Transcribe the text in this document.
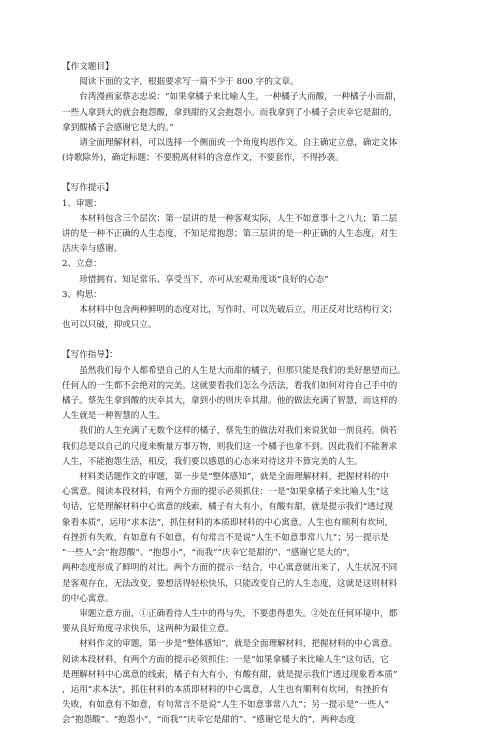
【作文题目】

阅读下面的文字，根据要求写一篇不少于 800 字的文章。

台湾漫画家蔡志忠说：“如果拿橘子来比喻人生，一种橘子大而酸，一种橘子小而甜，
一些人拿到大的就会抱怨酸，拿到甜的又会抱怨小。而我拿到了小橘子会庆幸它是甜的，
拿到酸橘子会感谢它是大的。”

请全面理解材料，可以选择一个侧面或一个角度构思作文。自主确定立意，确定文体
(诗歌除外)，确定标题；不要脱离材料的含意作文，不要套作，不得抄袭。

【写作提示】

1、审题：

本材料包含三个层次：第一层讲的是一种客观实际，人生不如意事十之八九；第二层
讲的是一种不正确的人生态度，不知足常抱怨；第三层讲的是一种正确的人生态度，对生
活庆幸与感谢。

2、立意：

珍惜拥有、知足常乐、享受当下，亦可从宏观角度谈“良好的心态”

3、构思：

本材料中包含两种鲜明的态度对比，写作时，可以先破后立，用正反对比结构行文；
也可以只破，抑或只立。

【写作指导】：

虽然我们每个人都希望自己的人生是大而甜的橘子，但那只能是我们的美好愿望而已。
任何人的一生都不会绝对的完美。这就要看我们怎么今活法，看我们如何对待自己手中的
橘子。蔡先生拿到酸的庆幸其大，拿到小的则庆幸其甜。他的做法充满了智慧，而这样的
人生就是一种智慧的人生。

我们的人生充满了无数个这样的橘子，蔡先生的做法对我们来说犹如一剂良药。倘若
我们总是以自己的尺度来衡量万事万物，则我们这一个橘子也拿不到。因此我们不能奢求
人生，不能抱怨生活，相反，我们要以感恩的心态来对待这并不算完美的人生。

材料类话题作文的审题，第一步是“整体感知”，就是全面理解材料，把握材料的中
心寓意。阅读本段材料，有两个方面的提示必须抓住：一是“如果拿橘子来比喻人生”这
句话，它是理解材料中心寓意的线索，橘子有大有小，有酸有甜，就是提示我们“透过现
象看本质”，运用“求本法”，抓住材料的本质即材料的中心寓意，人生也有顺利有坎坷，
有挫折有失败，有如意有不如意，有句常言不是说“人生不如意事常八九”；另一提示是
“一些人”会“抱怨酸”、“抱怨小”，“而我”“庆幸它是甜的”、“感谢它是大的”，
两种态度形成了鲜明的对比。两个方面的提示一结合，中心寓意就出来了，人生状况不同
是客观存在，无法改变，要想活得轻松快乐，只能改变自己的人生态度，这就是这则材料
的中心寓意。

审题立意方面，①正确看待人生中的得与失，不要患得患失。②处在任何环境中，都
要从良好角度寻求快乐，这两种为最佳立意。

材料作文的审题，第一步是“整体感知”，就是全面理解材料，把握材料的中心寓意。
阅读本段材料，有两个方面的提示必须抓住：一是“如果拿橘子来比喻人生”这句话，它
是理解材料中心寓意的线索，橘子有大有小，有酸有甜，就是提示我们“透过现象看本质”
，运用“求本法”，抓住材料的本质即材料的中心寓意，人生也有顺利有坎坷，有挫折有
失败，有如意有不如意，有句常言不是说“人生不如意事常八九”；另一提示是“一些人”
会“抱怨酸”、“抱怨小”，“而我”“庆幸它是甜的”、“感谢它是大的”，两种态度
